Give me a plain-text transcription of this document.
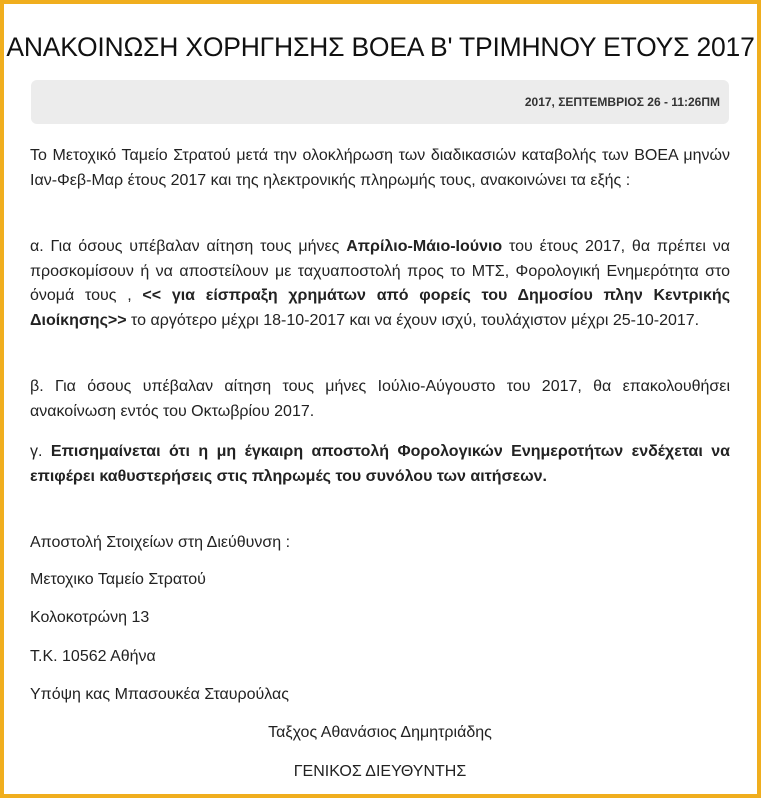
ΑΝΑΚΟΙΝΩΣΗ ΧΟΡΗΓΗΣΗΣ ΒΟΕΑ Β' ΤΡΙΜΗΝΟΥ ΕΤΟΥΣ 2017
2017, ΣΕΠΤΕΜΒΡΙΟΣ 26 - 11:26ΠΜ

Το Μετοχικό Ταμείο Στρατού μετά την ολοκλήρωση των διαδικασιών καταβολής των ΒΟΕΑ μηνών Ιαν-Φεβ-Μαρ έτους 2017 και της ηλεκτρονικής πληρωμής τους, ανακοινώνει τα εξής :

α. Για όσους υπέβαλαν αίτηση τους μήνες Απρίλιο-Μάιο-Ιούνιο του έτους 2017, θα πρέπει να προσκομίσουν ή να αποστείλουν με ταχυαποστολή προς το ΜΤΣ, Φορολογική Ενημερότητα στο όνομά τους , << για είσπραξη χρημάτων από φορείς του Δημοσίου πλην Κεντρικής Διοίκησης>> το αργότερο μέχρι 18-10-2017 και να έχουν ισχύ, τουλάχιστον μέχρι 25-10-2017.

β. Για όσους υπέβαλαν αίτηση τους μήνες Ιούλιο-Αύγουστο του 2017, θα επακολουθήσει ανακοίνωση εντός του Οκτωβρίου 2017.

γ. Επισημαίνεται ότι η μη έγκαιρη αποστολή Φορολογικών Ενημεροτήτων ενδέχεται να επιφέρει καθυστερήσεις στις πληρωμές του συνόλου των αιτήσεων.

Αποστολή Στοιχείων στη Διεύθυνση :
Μετοχικο Ταμείο Στρατού
Κολοκοτρώνη 13
Τ.Κ. 10562 Αθήνα
Υπόψη κας Μπασουκέα Σταυρούλας
Ταξχος Αθανάσιος Δημητριάδης
ΓΕΝΙΚΟΣ ΔΙΕΥΘΥΝΤΗΣ
